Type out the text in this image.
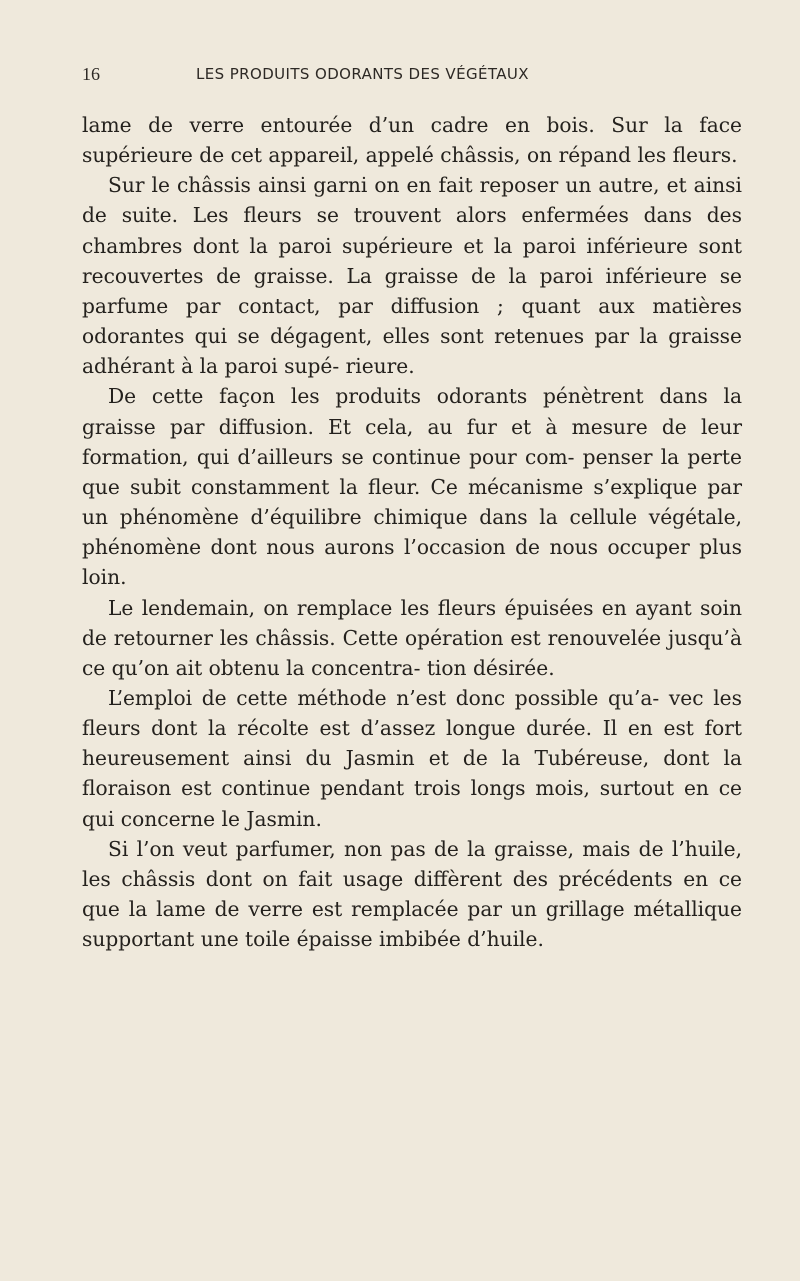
16	LES PRODUITS ODORANTS DES VÉGÉTAUX

lame de verre entourée d’un cadre en bois. Sur la face supérieure de cet appareil, appelé châssis, on répand les fleurs.

Sur le châssis ainsi garni on en fait reposer un autre, et ainsi de suite. Les fleurs se trouvent alors enfermées dans des chambres dont la paroi supérieure et la paroi inférieure sont recouvertes de graisse. La graisse de la paroi inférieure se parfume par contact, par diffusion ; quant aux matières odorantes qui se dégagent, elles sont retenues par la graisse adhérant à la paroi supé- rieure.

De cette façon les produits odorants pénètrent dans la graisse par diffusion. Et cela, au fur et à mesure de leur formation, qui d’ailleurs se continue pour com- penser la perte que subit constamment la fleur. Ce mécanisme s’explique par un phénomène d’équilibre chimique dans la cellule végétale, phénomène dont nous aurons l’occasion de nous occuper plus loin.

Le lendemain, on remplace les fleurs épuisées en ayant soin de retourner les châssis. Cette opération est renouvelée jusqu’à ce qu’on ait obtenu la concentra- tion désirée.

L’emploi de cette méthode n’est donc possible qu’a- vec les fleurs dont la récolte est d’assez longue durée. Il en est fort heureusement ainsi du Jasmin et de la Tubéreuse, dont la floraison est continue pendant trois longs mois, surtout en ce qui concerne le Jasmin.

Si l’on veut parfumer, non pas de la graisse, mais de l’huile, les châssis dont on fait usage diffèrent des précédents en ce que la lame de verre est remplacée par un grillage métallique supportant une toile épaisse imbibée d’huile.
